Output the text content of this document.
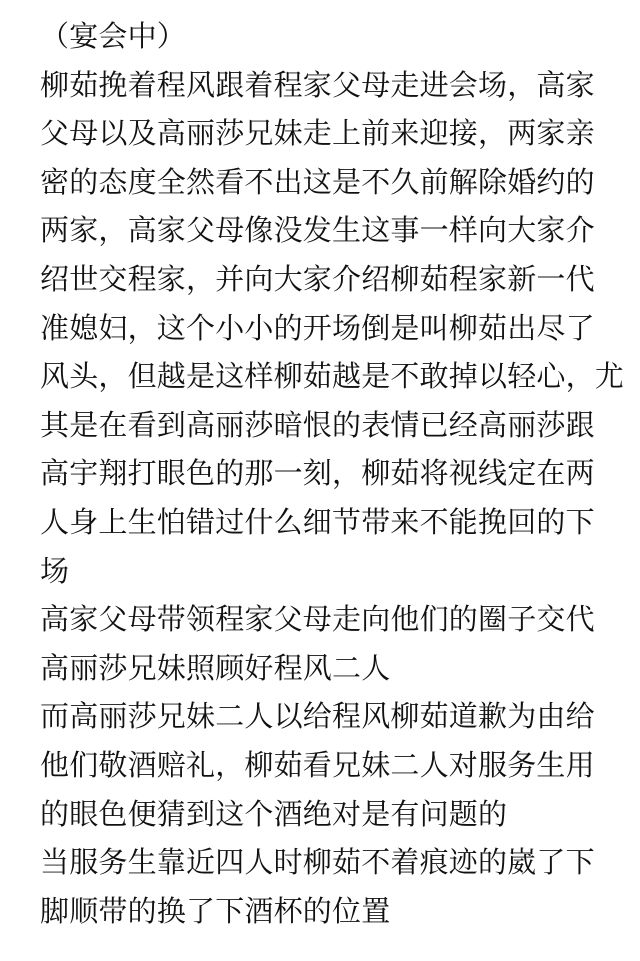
（宴会中）
柳茹挽着程风跟着程家父母走进会场，高家
父母以及高丽莎兄妹走上前来迎接，两家亲
密的态度全然看不出这是不久前解除婚约的
两家，高家父母像没发生这事一样向大家介
绍世交程家，并向大家介绍柳茹程家新一代
准媳妇，这个小小的开场倒是叫柳茹出尽了
风头，但越是这样柳茹越是不敢掉以轻心，尤
其是在看到高丽莎暗恨的表情已经高丽莎跟
高宇翔打眼色的那一刻，柳茹将视线定在两
人身上生怕错过什么细节带来不能挽回的下
场
高家父母带领程家父母走向他们的圈子交代
高丽莎兄妹照顾好程风二人
而高丽莎兄妹二人以给程风柳茹道歉为由给
他们敬酒赔礼，柳茹看兄妹二人对服务生用
的眼色便猜到这个酒绝对是有问题的
当服务生靠近四人时柳茹不着痕迹的崴了下
脚顺带的换了下酒杯的位置
